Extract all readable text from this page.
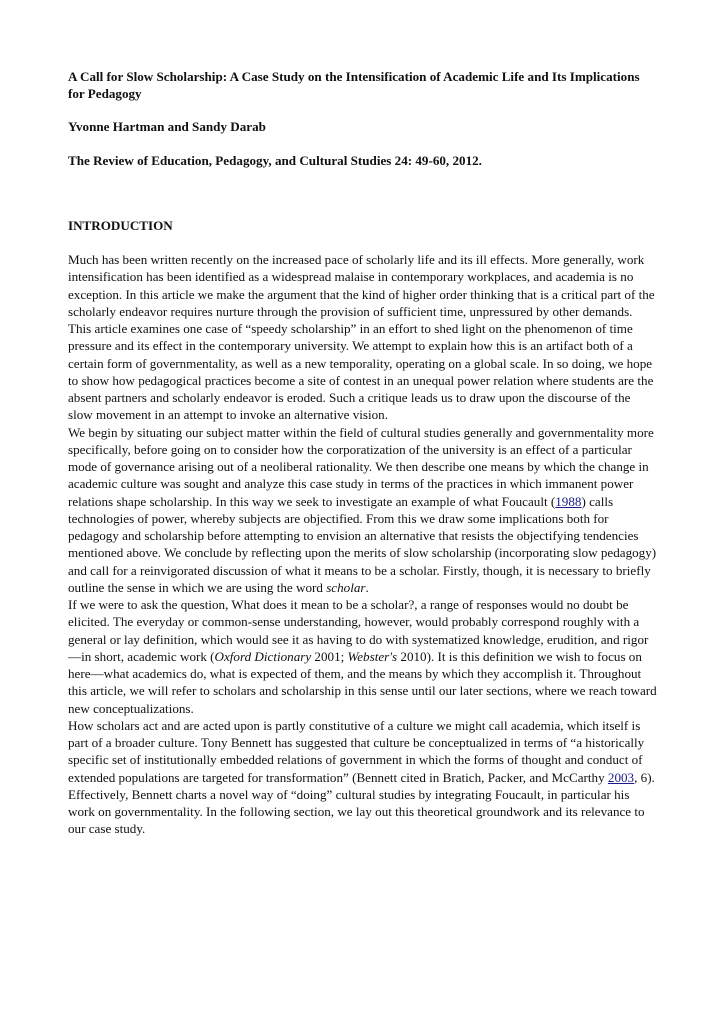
A Call for Slow Scholarship: A Case Study on the Intensification of Academic Life and Its Implications for Pedagogy
Yvonne Hartman and Sandy Darab
The Review of Education, Pedagogy, and Cultural Studies 24: 49-60, 2012.
INTRODUCTION

Much has been written recently on the increased pace of scholarly life and its ill effects. More generally, work intensification has been identified as a widespread malaise in contemporary workplaces, and academia is no exception. In this article we make the argument that the kind of higher order thinking that is a critical part of the scholarly endeavor requires nurture through the provision of sufficient time, unpressured by other demands. This article examines one case of “speedy scholarship” in an effort to shed light on the phenomenon of time pressure and its effect in the contemporary university. We attempt to explain how this is an artifact both of a certain form of governmentality, as well as a new temporality, operating on a global scale. In so doing, we hope to show how pedagogical practices become a site of contest in an unequal power relation where students are the absent partners and scholarly endeavor is eroded. Such a critique leads us to draw upon the discourse of the slow movement in an attempt to invoke an alternative vision.

We begin by situating our subject matter within the field of cultural studies generally and governmentality more specifically, before going on to consider how the corporatization of the university is an effect of a particular mode of governance arising out of a neoliberal rationality. We then describe one means by which the change in academic culture was sought and analyze this case study in terms of the practices in which immanent power relations shape scholarship. In this way we seek to investigate an example of what Foucault (1988) calls technologies of power, whereby subjects are objectified. From this we draw some implications both for pedagogy and scholarship before attempting to envision an alternative that resists the objectifying tendencies mentioned above. We conclude by reflecting upon the merits of slow scholarship (incorporating slow pedagogy) and call for a reinvigorated discussion of what it means to be a scholar. Firstly, though, it is necessary to briefly outline the sense in which we are using the word scholar.

If we were to ask the question, What does it mean to be a scholar?, a range of responses would no doubt be elicited. The everyday or common-sense understanding, however, would probably correspond roughly with a general or lay definition, which would see it as having to do with systematized knowledge, erudition, and rigor—in short, academic work (Oxford Dictionary 2001; Webster's 2010). It is this definition we wish to focus on here—what academics do, what is expected of them, and the means by which they accomplish it. Throughout this article, we will refer to scholars and scholarship in this sense until our later sections, where we reach toward new conceptualizations.

How scholars act and are acted upon is partly constitutive of a culture we might call academia, which itself is part of a broader culture. Tony Bennett has suggested that culture be conceptualized in terms of “a historically specific set of institutionally embedded relations of government in which the forms of thought and conduct of extended populations are targeted for transformation” (Bennett cited in Bratich, Packer, and McCarthy 2003, 6). Effectively, Bennett charts a novel way of “doing” cultural studies by integrating Foucault, in particular his work on governmentality. In the following section, we lay out this theoretical groundwork and its relevance to our case study.
